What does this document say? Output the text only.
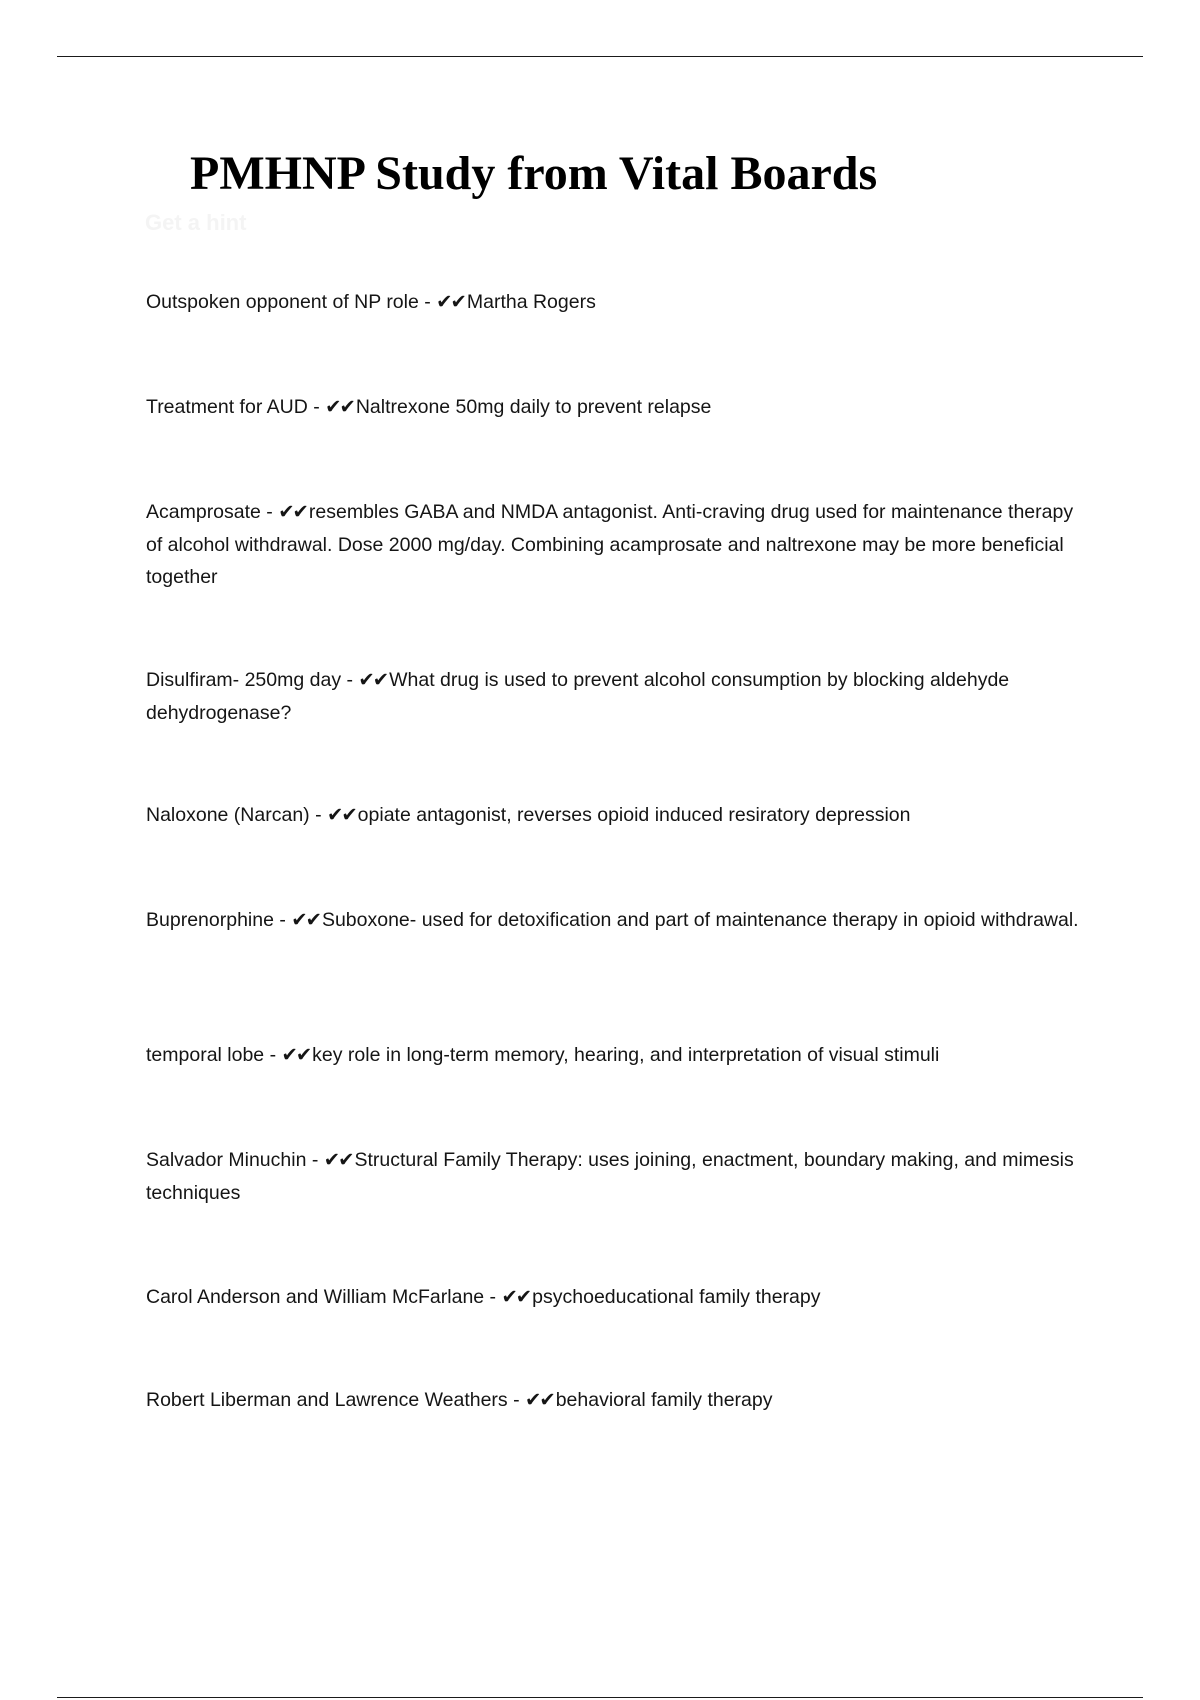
PMHNP Study from Vital Boards
Get a hint

Outspoken opponent of NP role - ✔✔ Martha Rogers

Treatment for AUD - ✔✔ Naltrexone 50mg daily to prevent relapse

Acamprosate - ✔✔ resembles GABA and NMDA antagonist. Anti-craving drug used for maintenance therapy of alcohol withdrawal. Dose 2000 mg/day. Combining acamprosate and naltrexone may be more beneficial together

Disulfiram- 250mg day - ✔✔ What drug is used to prevent alcohol consumption by blocking aldehyde dehydrogenase?

Naloxone (Narcan) - ✔✔ opiate antagonist, reverses opioid induced resiratory depression

Buprenorphine - ✔✔ Suboxone- used for detoxification and part of maintenance therapy in opioid withdrawal.

temporal lobe - ✔✔ key role in long-term memory, hearing, and interpretation of visual stimuli

Salvador Minuchin - ✔✔ Structural Family Therapy: uses joining, enactment, boundary making, and mimesis techniques

Carol Anderson and William McFarlane - ✔✔ psychoeducational family therapy

Robert Liberman and Lawrence Weathers - ✔✔ behavioral family therapy
